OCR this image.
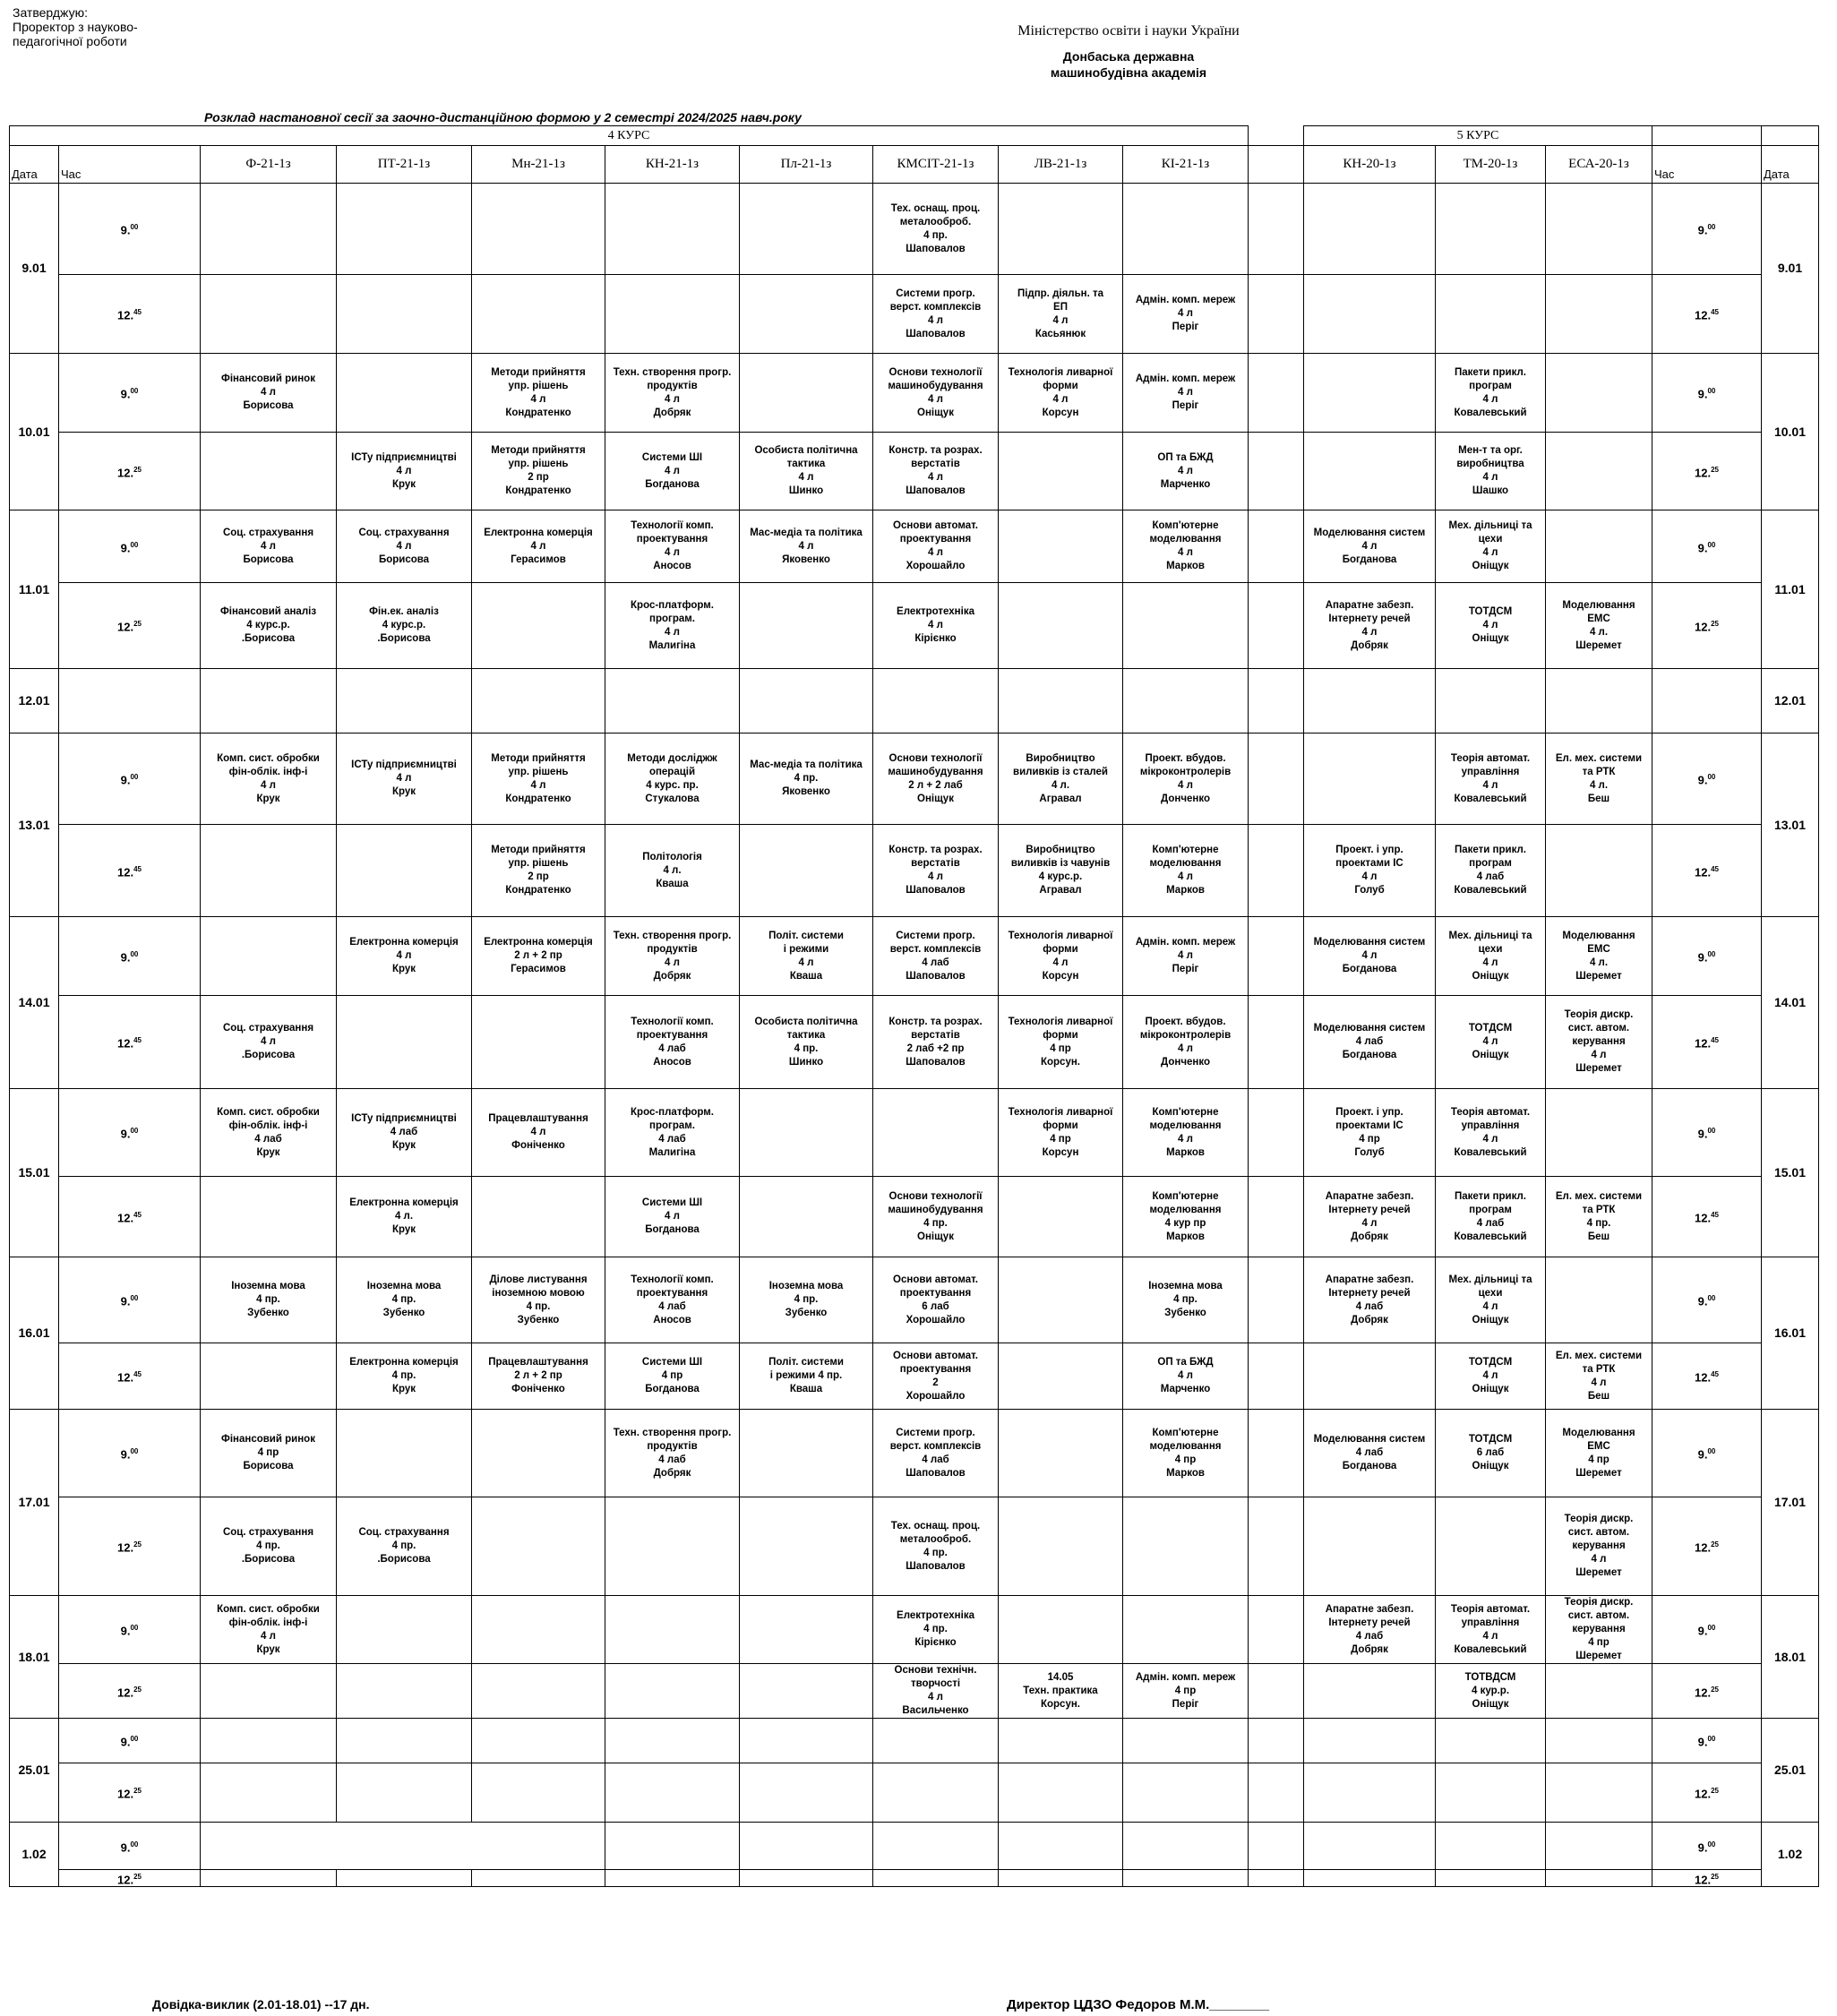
Затверджую:
Проректор з науково-
педагогічної роботи
Міністерство освіти і науки України
Донбаська державна
машинобудівна академія
Розклад настановної сесії за заочно-дистанційною формою у 2 семестрі 2024/2025 навч.року
4 КУРС											5 КУРС				
Дата	Час	Ф-21-1з	ПТ-21-1з	Мн-21-1з	КН-21-1з	Пл-21-1з	КМСІТ-21-1з	ЛВ-21-1з	КІ-21-1з		КН-20-1з	ТМ-20-1з	ЕСА-20-1з	Час	Дата
9.01	9.00						Тех. оснащ. проц.
металооброб.
4 пр.
Шаповалов							9.00	9.01
	12.45						Системи прогр.
верст. комплексів
4 л
Шаповалов	Підпр. діяльн. та
ЕП
4 л
Касьянюк	Адмін. комп. мереж
4 л
Періг					12.45
10.01	9.00	Фінансовий ринок
4 л
Борисова		Методи прийняття
упр. рішень
4 л
Кондратенко	Техн. створення прогр.
продуктів
4 л
Добряк		Основи технології
машинобудування
4 л
Оніщук	Технологія ливарної
форми
4 л
Корсун	Адмін. комп. мереж
4 л
Періг			Пакети прикл.
програм
4 л
Ковалевський		9.00	10.01
	12.25		ІСТу підприємництві
4 л
Крук	Методи прийняття
упр. рішень
2 пр
Кондратенко	Системи ШІ
4 л
Богданова	Особиста політична
тактика
4 л
Шинко	Констр. та розрах.
верстатів
4 л
Шаповалов		ОП та БЖД
4 л
Марченко			Мен-т та орг.
виробництва
4 л
Шашко		12.25
11.01	9.00	Соц. страхування
4 л
Борисова	Соц. страхування
4 л
Борисова	Електронна комерція
4 л
Герасимов	Технології комп.
проектування
4 л
Аносов	Мас-медіа та політика
4 л
Яковенко	Основи автомат.
проектування
4 л
Хорошайло		Комп'ютерне
моделювання
4 л
Марков		Моделювання систем
4 л
Богданова	Мех. дільниці та
цехи
4 л
Оніщук		9.00	11.01
	12.25	Фінансовий аналіз
4 курс.р.
.Борисова	Фін.ек. аналіз
4 курс.р.
.Борисова		Крос-платформ.
програм.
4 л
Малигіна		Електротехніка
4 л
Кірієнко				Апаратне забезп.
Інтернету речей
4 л
Добряк	ТОТДСМ
4 л
Оніщук	Моделювання
ЕМС
4 л.
Шеремет	12.25
12.01															12.01
13.01	9.00	Комп. сист. обробки
фін-облік. інф-і
4 л
Крук	ІСТу підприємництві
4 л
Крук	Методи прийняття
упр. рішень
4 л
Кондратенко	Методи досліджж
операцій
4 курс. пр.
Стукалова	Мас-медіа та політика
4 пр.
Яковенко	Основи технології
машинобудування
2 л + 2 лаб
Оніщук	Виробництво
виливків із сталей
4 л.
Агравал	Проект. вбудов.
мікроконтролерів
4 л
Донченко			Теорія автомат.
управління
4 л
Ковалевський	Ел. мех. системи
та РТК
4 л.
Беш	9.00	13.01
	12.45			Методи прийняття
упр. рішень
2 пр
Кондратенко	Політологія
4 л.
Кваша		Констр. та розрах.
верстатів
4 л
Шаповалов	Виробництво
виливків із чавунів
4 курс.р.
Агравал	Комп'ютерне
моделювання
4 л
Марков		Проект. і упр.
проектами ІС
4 л
Голуб	Пакети прикл.
програм
4 лаб
Ковалевський		12.45
14.01	9.00		Електронна комерція
4 л
Крук	Електронна комерція
2 л + 2 пр
Герасимов	Техн. створення прогр.
продуктів
4 л
Добряк	Політ. системи
і режими
4 л
Кваша	Системи прогр.
верст. комплексів
4 лаб
Шаповалов	Технологія ливарної
форми
4 л
Корсун	Адмін. комп. мереж
4 л
Періг		Моделювання систем
4 л
Богданова	Мех. дільниці та
цехи
4 л
Оніщук	Моделювання
ЕМС
4 л.
Шеремет	9.00	14.01
	12.45	Соц. страхування
4 л
.Борисова			Технології комп.
проектування
4 лаб
Аносов	Особиста політична
тактика
4 пр.
Шинко	Констр. та розрах.
верстатів
2 лаб +2 пр
Шаповалов	Технологія ливарної
форми
4 пр
Корсун.	Проект. вбудов.
мікроконтролерів
4 л
Донченко		Моделювання систем
4 лаб
Богданова	ТОТДСМ
4 л
Оніщук	Теорія дискр.
сист. автом.
керування
4 л
Шеремет	12.45
15.01	9.00	Комп. сист. обробки
фін-облік. інф-і
4 лаб
Крук	ІСТу підприємництві
4 лаб
Крук	Працевлаштування
4 л
Фоніченко	Крос-платформ.
програм.
4 лаб
Малигіна			Технологія ливарної
форми
4 пр
Корсун	Комп'ютерне
моделювання
4 л
Марков		Проект. і упр.
проектами ІС
4 пр
Голуб	Теорія автомат.
управління
4 л
Ковалевський		9.00	15.01
	12.45		Електронна комерція
4 л.
Крук		Системи ШІ
4 л
Богданова		Основи технології
машинобудування
4 пр.
Оніщук		Комп'ютерне
моделювання
4 кур пр
Марков		Апаратне забезп.
Інтернету речей
4 л
Добряк	Пакети прикл.
програм
4 лаб
Ковалевський	Ел. мех. системи
та РТК
4 пр.
Беш	12.45
16.01	9.00	Іноземна мова
4 пр.
Зубенко	Іноземна мова
4 пр.
Зубенко	Ділове листування
іноземною мовою
4 пр.
Зубенко	Технології комп.
проектування
4 лаб
Аносов	Іноземна мова
4 пр.
Зубенко	Основи автомат.
проектування
6 лаб
Хорошайло		Іноземна мова
4 пр.
Зубенко		Апаратне забезп.
Інтернету речей
4 лаб
Добряк	Мех. дільниці та
цехи
4 л
Оніщук		9.00	16.01
	12.45		Електронна комерція
4 пр.
Крук	Працевлаштування
2 л + 2 пр
Фоніченко	Системи ШІ
4 пр
Богданова	Політ. системи
і режими 4 пр.
Кваша	Основи автомат.
проектування
2
Хорошайло		ОП та БЖД
4 л
Марченко			ТОТДСМ
4 л
Оніщук	Ел. мех. системи
та РТК
4 л
Беш	12.45
17.01	9.00	Фінансовий ринок
4 пр
Борисова			Техн. створення прогр.
продуктів
4 лаб
Добряк		Системи прогр.
верст. комплексів
4 лаб
Шаповалов		Комп'ютерне
моделювання
4 пр
Марков		Моделювання систем
4 лаб
Богданова	ТОТДСМ
6 лаб
Оніщук	Моделювання
ЕМС
4 пр
Шеремет	9.00	17.01
	12.25	Соц. страхування
4 пр.
.Борисова	Соц. страхування
4 пр.
.Борисова				Тех. оснащ. проц.
металооброб.
4 пр.
Шаповалов						Теорія дискр.
сист. автом.
керування
4 л
Шеремет	12.25
18.01	9.00	Комп. сист. обробки
фін-облік. інф-і
4 л
Крук					Електротехніка
4 пр.
Кірієнко				Апаратне забезп.
Інтернету речей
4 лаб
Добряк	Теорія автомат.
управління
4 л
Ковалевський	Теорія дискр.
сист. автом.
керування
4 пр
Шеремет	9.00	18.01
	12.25						Основи технічн.
творчості
4 л
Васильченко	14.05
Техн. практика
Корсун.	Адмін. комп. мереж
4 пр
Періг			ТОТВДСМ
4 кур.р.
Оніщук		12.25
25.01	9.00													9.00	25.01
	12.25													12.25
1.02	9.00													9.00	1.02
	12.25													12.25
Довідка-виклик (2.01-18.01) --17 дн.	Директор ЦДЗО Федоров М.М.________
